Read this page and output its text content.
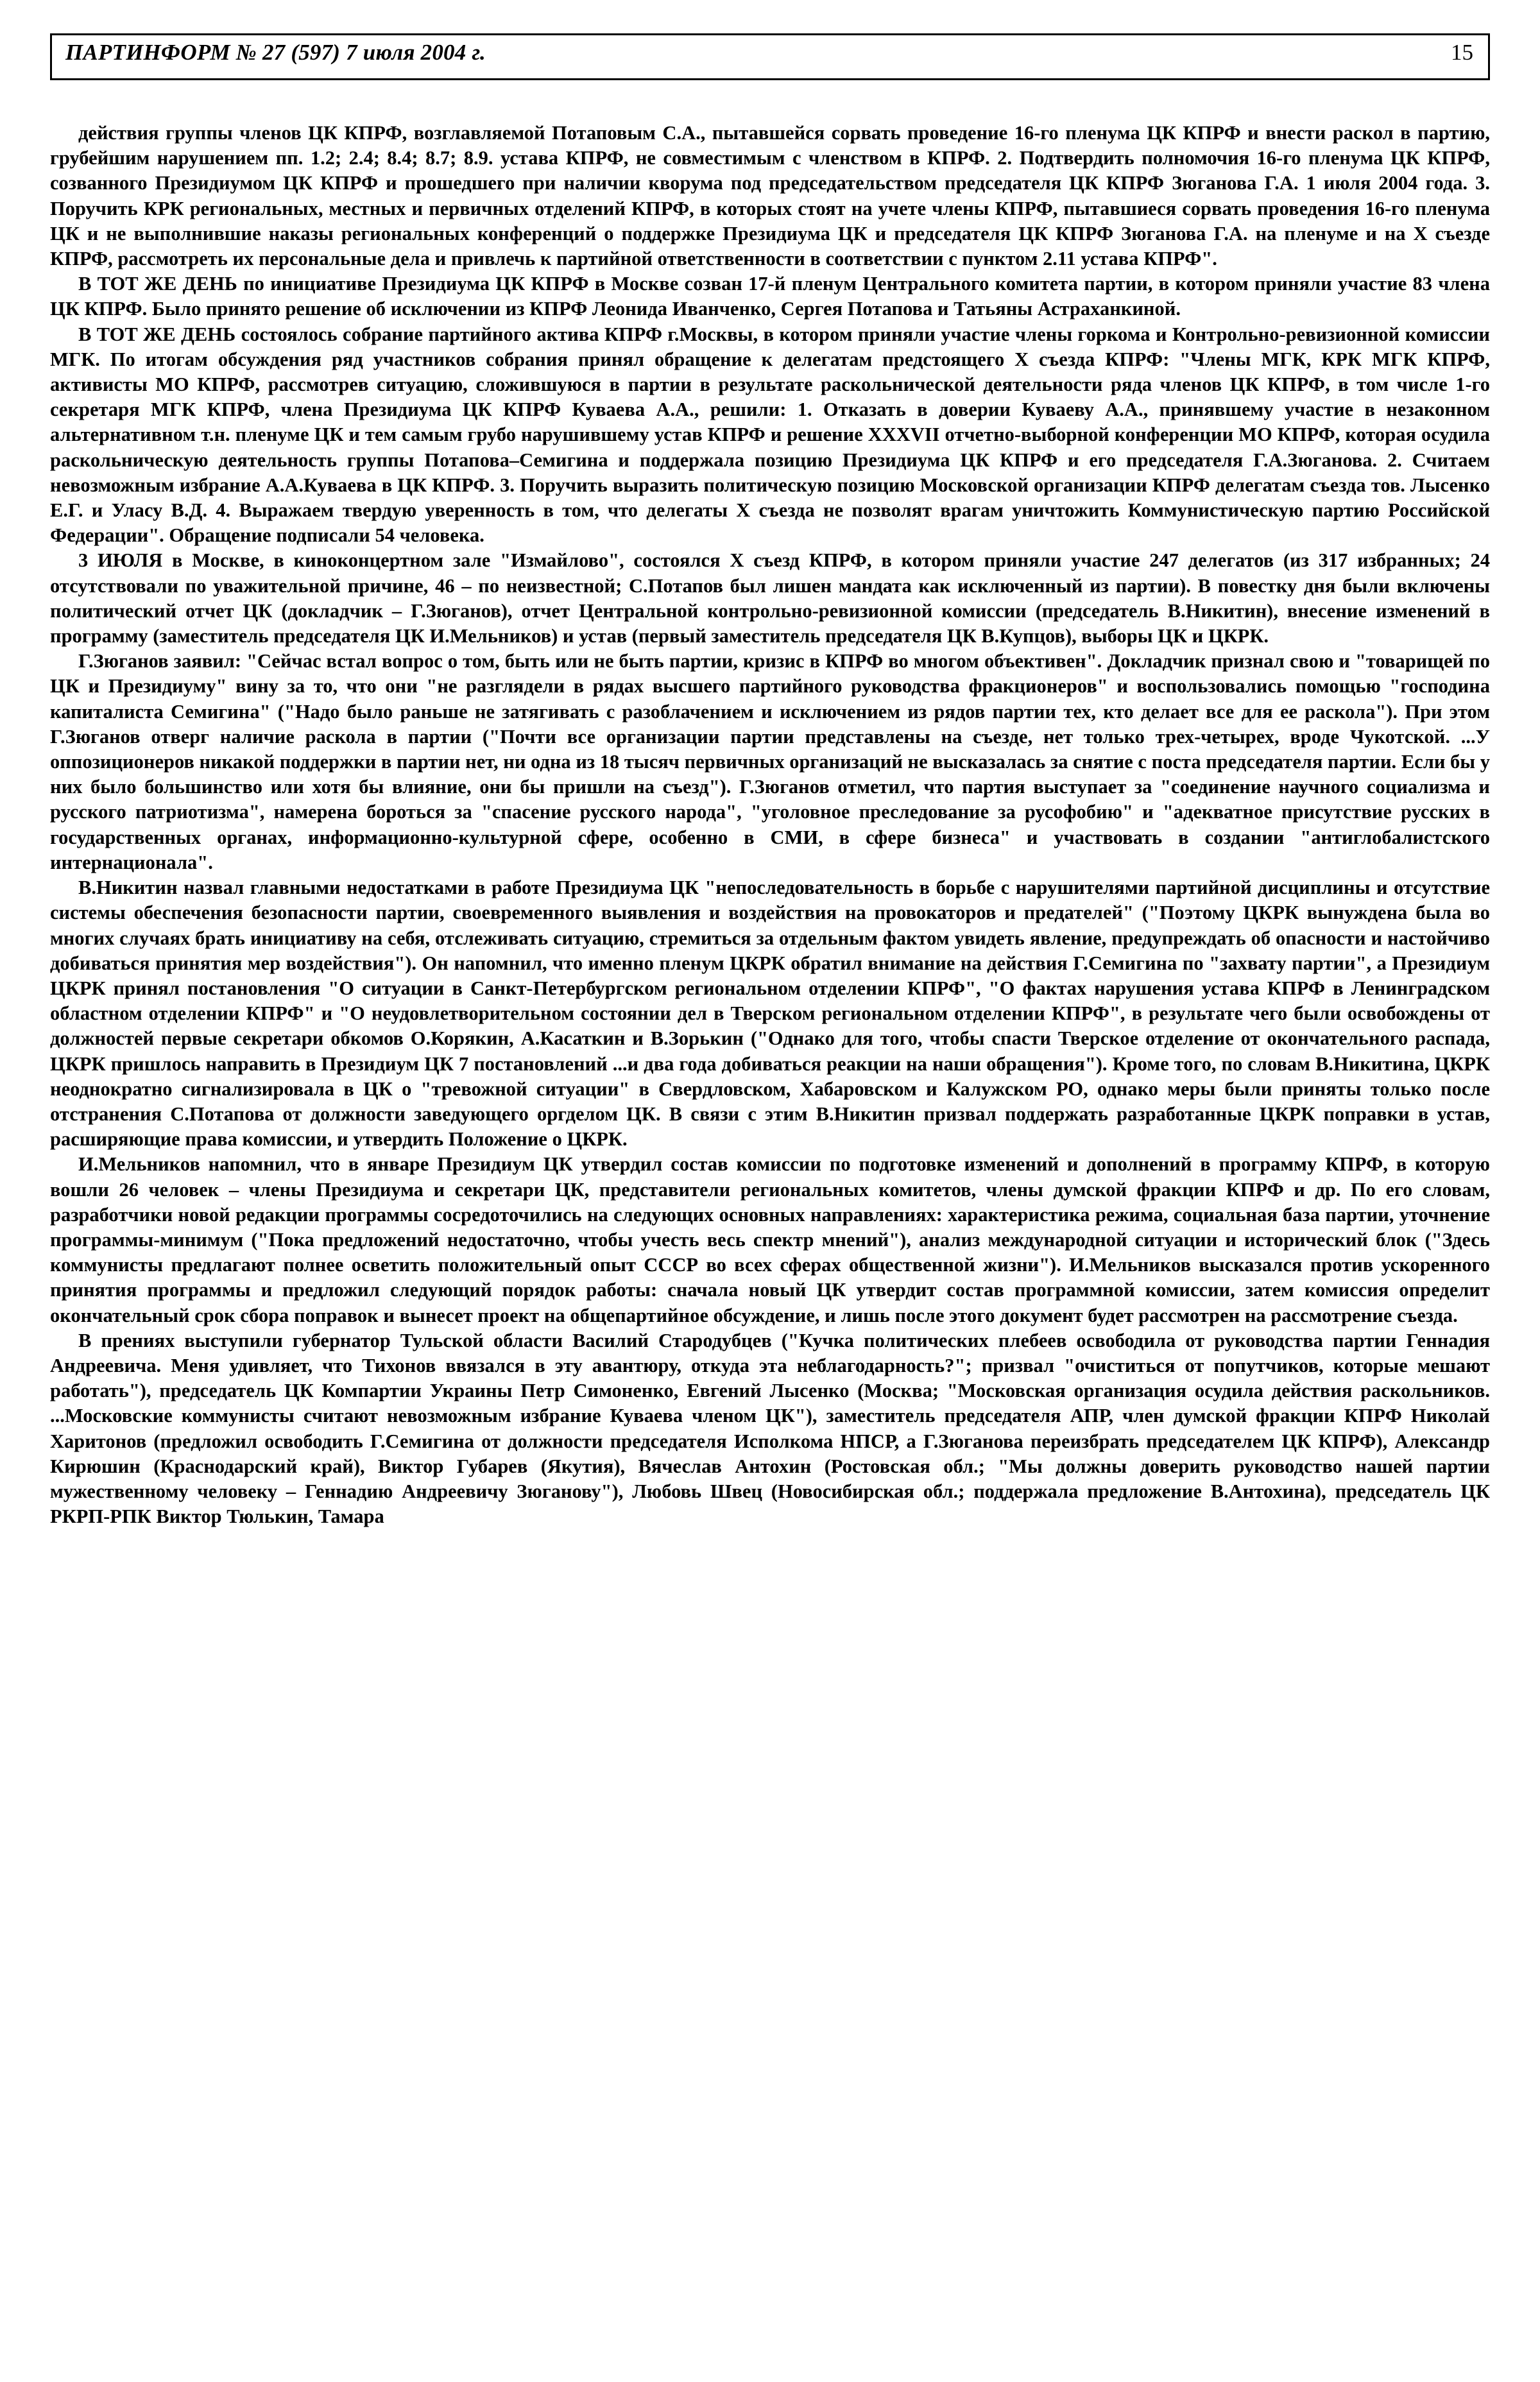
ПАРТИНФОРМ № 27 (597) 7 июля 2004 г.	15

действия группы членов ЦК КПРФ, возглавляемой Потаповым С.А., пытавшейся сорвать проведение 16-го пленума ЦК КПРФ и внести раскол в партию, грубейшим нарушением пп. 1.2; 2.4; 8.4; 8.7; 8.9. устава КПРФ, не совместимым с членством в КПРФ. 2. Подтвердить полномочия 16-го пленума ЦК КПРФ, созванного Президиумом ЦК КПРФ и прошедшего при наличии кворума под председательством председателя ЦК КПРФ Зюганова Г.А. 1 июля 2004 года. 3. Поручить КРК региональных, местных и первичных отделений КПРФ, в которых стоят на учете члены КПРФ, пытавшиеся сорвать проведения 16-го пленума ЦК и не выполнившие наказы региональных конференций о поддержке Президиума ЦК и председателя ЦК КПРФ Зюганова Г.А. на пленуме и на X съезде КПРФ, рассмотреть их персональные дела и привлечь к партийной ответственности в соответствии с пунктом 2.11 устава КПРФ".

В ТОТ ЖЕ ДЕНЬ по инициативе Президиума ЦК КПРФ в Москве созван 17-й пленум Центрального комитета партии, в котором приняли участие 83 члена ЦК КПРФ. Было принято решение об исключении из КПРФ Леонида Иванченко, Сергея Потапова и Татьяны Астраханкиной.

В ТОТ ЖЕ ДЕНЬ состоялось собрание партийного актива КПРФ г.Москвы, в котором приняли участие члены горкома и Контрольно-ревизионной комиссии МГК. По итогам обсуждения ряд участников собрания принял обращение к делегатам предстоящего X съезда КПРФ: "Члены МГК, КРК МГК КПРФ, активисты МО КПРФ, рассмотрев ситуацию, сложившуюся в партии в результате раскольнической деятельности ряда членов ЦК КПРФ, в том числе 1-го секретаря МГК КПРФ, члена Президиума ЦК КПРФ Куваева А.А., решили: 1. Отказать в доверии Куваеву А.А., принявшему участие в незаконном альтернативном т.н. пленуме ЦК и тем самым грубо нарушившему устав КПРФ и решение XXXVII отчетно-выборной конференции МО КПРФ, которая осудила раскольническую деятельность группы Потапова–Семигина и поддержала позицию Президиума ЦК КПРФ и его председателя Г.А.Зюганова. 2. Считаем невозможным избрание А.А.Куваева в ЦК КПРФ. 3. Поручить выразить политическую позицию Московской организации КПРФ делегатам съезда тов. Лысенко Е.Г. и Уласу В.Д. 4. Выражаем твердую уверенность в том, что делегаты X съезда не позволят врагам уничтожить Коммунистическую партию Российской Федерации". Обращение подписали 54 человека.

3 ИЮЛЯ в Москве, в киноконцертном зале "Измайлово", состоялся X съезд КПРФ, в котором приняли участие 247 делегатов (из 317 избранных; 24 отсутствовали по уважительной причине, 46 – по неизвестной; С.Потапов был лишен мандата как исключенный из партии). В повестку дня были включены политический отчет ЦК (докладчик – Г.Зюганов), отчет Центральной контрольно-ревизионной комиссии (председатель В.Никитин), внесение изменений в программу (заместитель председателя ЦК И.Мельников) и устав (первый заместитель председателя ЦК В.Купцов), выборы ЦК и ЦКРК.

Г.Зюганов заявил: "Сейчас встал вопрос о том, быть или не быть партии, кризис в КПРФ во многом объективен". Докладчик признал свою и "товарищей по ЦК и Президиуму" вину за то, что они "не разглядели в рядах высшего партийного руководства фракционеров" и воспользовались помощью "господина капиталиста Семигина" ("Надо было раньше не затягивать с разоблачением и исключением из рядов партии тех, кто делает все для ее раскола"). При этом Г.Зюганов отверг наличие раскола в партии ("Почти все организации партии представлены на съезде, нет только трех-четырех, вроде Чукотской. ...У оппозиционеров никакой поддержки в партии нет, ни одна из 18 тысяч первичных организаций не высказалась за снятие с поста председателя партии. Если бы у них было большинство или хотя бы влияние, они бы пришли на съезд"). Г.Зюганов отметил, что партия выступает за "соединение научного социализма и русского патриотизма", намерена бороться за "спасение русского народа", "уголовное преследование за русофобию" и "адекватное присутствие русских в государственных органах, информационно-культурной сфере, особенно в СМИ, в сфере бизнеса" и участвовать в создании "антиглобалистского интернационала".

В.Никитин назвал главными недостатками в работе Президиума ЦК "непоследовательность в борьбе с нарушителями партийной дисциплины и отсутствие системы обеспечения безопасности партии, своевременного выявления и воздействия на провокаторов и предателей" ("Поэтому ЦКРК вынуждена была во многих случаях брать инициативу на себя, отслеживать ситуацию, стремиться за отдельным фактом увидеть явление, предупреждать об опасности и настойчиво добиваться принятия мер воздействия"). Он напомнил, что именно пленум ЦКРК обратил внимание на действия Г.Семигина по "захвату партии", а Президиум ЦКРК принял постановления "О ситуации в Санкт-Петербургском региональном отделении КПРФ", "О фактах нарушения устава КПРФ в Ленинградском областном отделении КПРФ" и "О неудовлетворительном состоянии дел в Тверском региональном отделении КПРФ", в результате чего были освобождены от должностей первые секретари обкомов О.Корякин, А.Касаткин и В.Зорькин ("Однако для того, чтобы спасти Тверское отделение от окончательного распада, ЦКРК пришлось направить в Президиум ЦК 7 постановлений ...и два года добиваться реакции на наши обращения"). Кроме того, по словам В.Никитина, ЦКРК неоднократно сигнализировала в ЦК о "тревожной ситуации" в Свердловском, Хабаровском и Калужском РО, однако меры были приняты только после отстранения С.Потапова от должности заведующего оргделом ЦК. В связи с этим В.Никитин призвал поддержать разработанные ЦКРК поправки в устав, расширяющие права комиссии, и утвердить Положение о ЦКРК.

И.Мельников напомнил, что в январе Президиум ЦК утвердил состав комиссии по подготовке изменений и дополнений в программу КПРФ, в которую вошли 26 человек – члены Президиума и секретари ЦК, представители региональных комитетов, члены думской фракции КПРФ и др. По его словам, разработчики новой редакции программы сосредоточились на следующих основных направлениях: характеристика режима, социальная база партии, уточнение программы-минимум ("Пока предложений недостаточно, чтобы учесть весь спектр мнений"), анализ международной ситуации и исторический блок ("Здесь коммунисты предлагают полнее осветить положительный опыт СССР во всех сферах общественной жизни"). И.Мельников высказался против ускоренного принятия программы и предложил следующий порядок работы: сначала новый ЦК утвердит состав программной комиссии, затем комиссия определит окончательный срок сбора поправок и вынесет проект на общепартийное обсуждение, и лишь после этого документ будет рассмотрен на рассмотрение съезда.

В прениях выступили губернатор Тульской области Василий Стародубцев ("Кучка политических плебеев освободила от руководства партии Геннадия Андреевича. Меня удивляет, что Тихонов ввязался в эту авантюру, откуда эта неблагодарность?"; призвал "очиститься от попутчиков, которые мешают работать"), председатель ЦК Компартии Украины Петр Симоненко, Евгений Лысенко (Москва; "Московская организация осудила действия раскольников. ...Московские коммунисты считают невозможным избрание Куваева членом ЦК"), заместитель председателя АПР, член думской фракции КПРФ Николай Харитонов (предложил освободить Г.Семигина от должности председателя Исполкома НПСР, а Г.Зюганова переизбрать председателем ЦК КПРФ), Александр Кирюшин (Краснодарский край), Виктор Губарев (Якутия), Вячеслав Антохин (Ростовская обл.; "Мы должны доверить руководство нашей партии мужественному человеку – Геннадию Андреевичу Зюганову"), Любовь Швец (Новосибирская обл.; поддержала предложение В.Антохина), председатель ЦК РКРП-РПК Виктор Тюлькин, Тамара
